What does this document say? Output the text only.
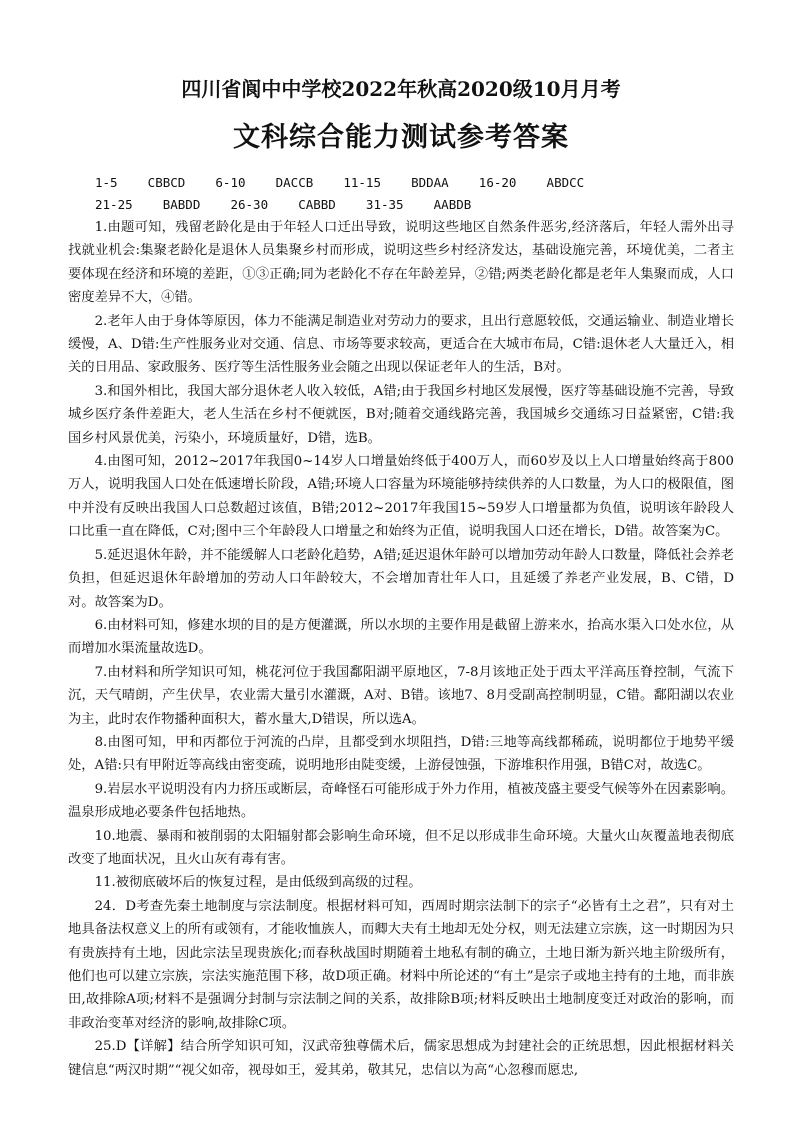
四川省阆中中学校2022年秋高2020级10月月考
文科综合能力测试参考答案
1-5    CBBCD    6-10    DACCB    11-15    BDDAA    16-20    ABDCC
21-25    BABDD    26-30    CABBD    31-35    AABDB

1.由题可知，残留老龄化是由于年轻人口迁出导致，说明这些地区自然条件恶劣,经济落后，年轻人需外出寻找就业机会:集聚老龄化是退休人员集聚乡村而形成，说明这些乡村经济发达，基础设施完善，环境优美，二者主要体现在经济和环境的差距，①③正确;同为老龄化不存在年龄差异，②错;两类老龄化都是老年人集聚而成，人口密度差异不大，④错。

2.老年人由于身体等原因，体力不能满足制造业对劳动力的要求，且出行意愿较低，交通运输业、制造业增长缓慢，A、D错:生产性服务业对交通、信息、市场等要求较高，更适合在大城市布局，C错:退休老人大量迁入，相关的日用品、家政服务、医疗等生活性服务业会随之出现以保证老年人的生活，B对。

3.和国外相比，我国大部分退休老人收入较低，A错;由于我国乡村地区发展慢，医疗等基础设施不完善，导致城乡医疗条件差距大，老人生活在乡村不便就医，B对;随着交通线路完善，我国城乡交通练习日益紧密，C错:我国乡村风景优美，污染小，环境质量好，D错，选B。

4.由图可知，2012~2017年我国0~14岁人口增量始终低于400万人，而60岁及以上人口增量始终高于800万人，说明我国人口处在低速增长阶段，A错;环境人口容量为环境能够持续供养的人口数量，为人口的极限值，图中并没有反映出我国人口总数超过该值，B错;2012~2017年我国15~59岁人口增量都为负值，说明该年龄段人口比重一直在降低，C对;图中三个年龄段人口增量之和始终为正值，说明我国人口还在增长，D错。故答案为C。

5.延迟退休年龄，并不能缓解人口老龄化趋势，A错;延迟退休年龄可以增加劳动年龄人口数量，降低社会养老负担，但延迟退休年龄增加的劳动人口年龄较大，不会增加青壮年人口，且延缓了养老产业发展，B、C错，D对。故答案为D。

6.由材料可知，修建水坝的目的是方便灌溉，所以水坝的主要作用是截留上游来水，抬高水渠入口处水位，从而增加水渠流量故选D。

7.由材料和所学知识可知，桃花河位于我国鄱阳湖平原地区，7-8月该地正处于西太平洋高压脊控制，气流下沉，天气晴朗，产生伏旱，农业需大量引水灌溉，A对、B错。该地7、8月受副高控制明显，C错。鄱阳湖以农业为主，此时农作物播种面积大，蓄水量大,D错误，所以选A。

8.由图可知，甲和丙都位于河流的凸岸，且都受到水坝阻挡，D错:三地等高线都稀疏，说明都位于地势平缓处，A错:只有甲附近等高线由密变疏，说明地形由陡变缓，上游侵蚀强，下游堆积作用强，B错C对，故选C。

9.岩层水平说明没有内力挤压或断层，奇峰怪石可能形成于外力作用，植被茂盛主要受气候等外在因素影响。温泉形成地必要条件包括地热。

10.地震、暴雨和被削弱的太阳辐射都会影响生命环境，但不足以形成非生命环境。大量火山灰覆盖地表彻底改变了地面状况，且火山灰有毒有害。

11.被彻底破坏后的恢复过程，是由低级到高级的过程。

24．D考查先秦土地制度与宗法制度。根据材料可知，西周时期宗法制下的宗子“必皆有土之君”，只有对土地具备法权意义上的所有或领有，才能收恤族人，而卿大夫有土地却无处分权，则无法建立宗族，这一时期因为只有贵族持有土地，因此宗法呈现贵族化;而春秋战国时期随着土地私有制的确立，土地日渐为新兴地主阶级所有，他们也可以建立宗族，宗法实施范围下移，故D项正确。材料中所论述的“有土”是宗子或地主持有的土地，而非族田,故排除A项;材料不是强调分封制与宗法制之间的关系，故排除B项;材料反映出土地制度变迁对政治的影响，而非政治变革对经济的影响,故排除C项。

25.D【详解】结合所学知识可知，汉武帝独尊儒术后，儒家思想成为封建社会的正统思想，因此根据材料关键信息“两汉时期”“视父如帝，视母如王，爱其弟，敬其兄，忠信以为高“心忽穆而愿忠,
